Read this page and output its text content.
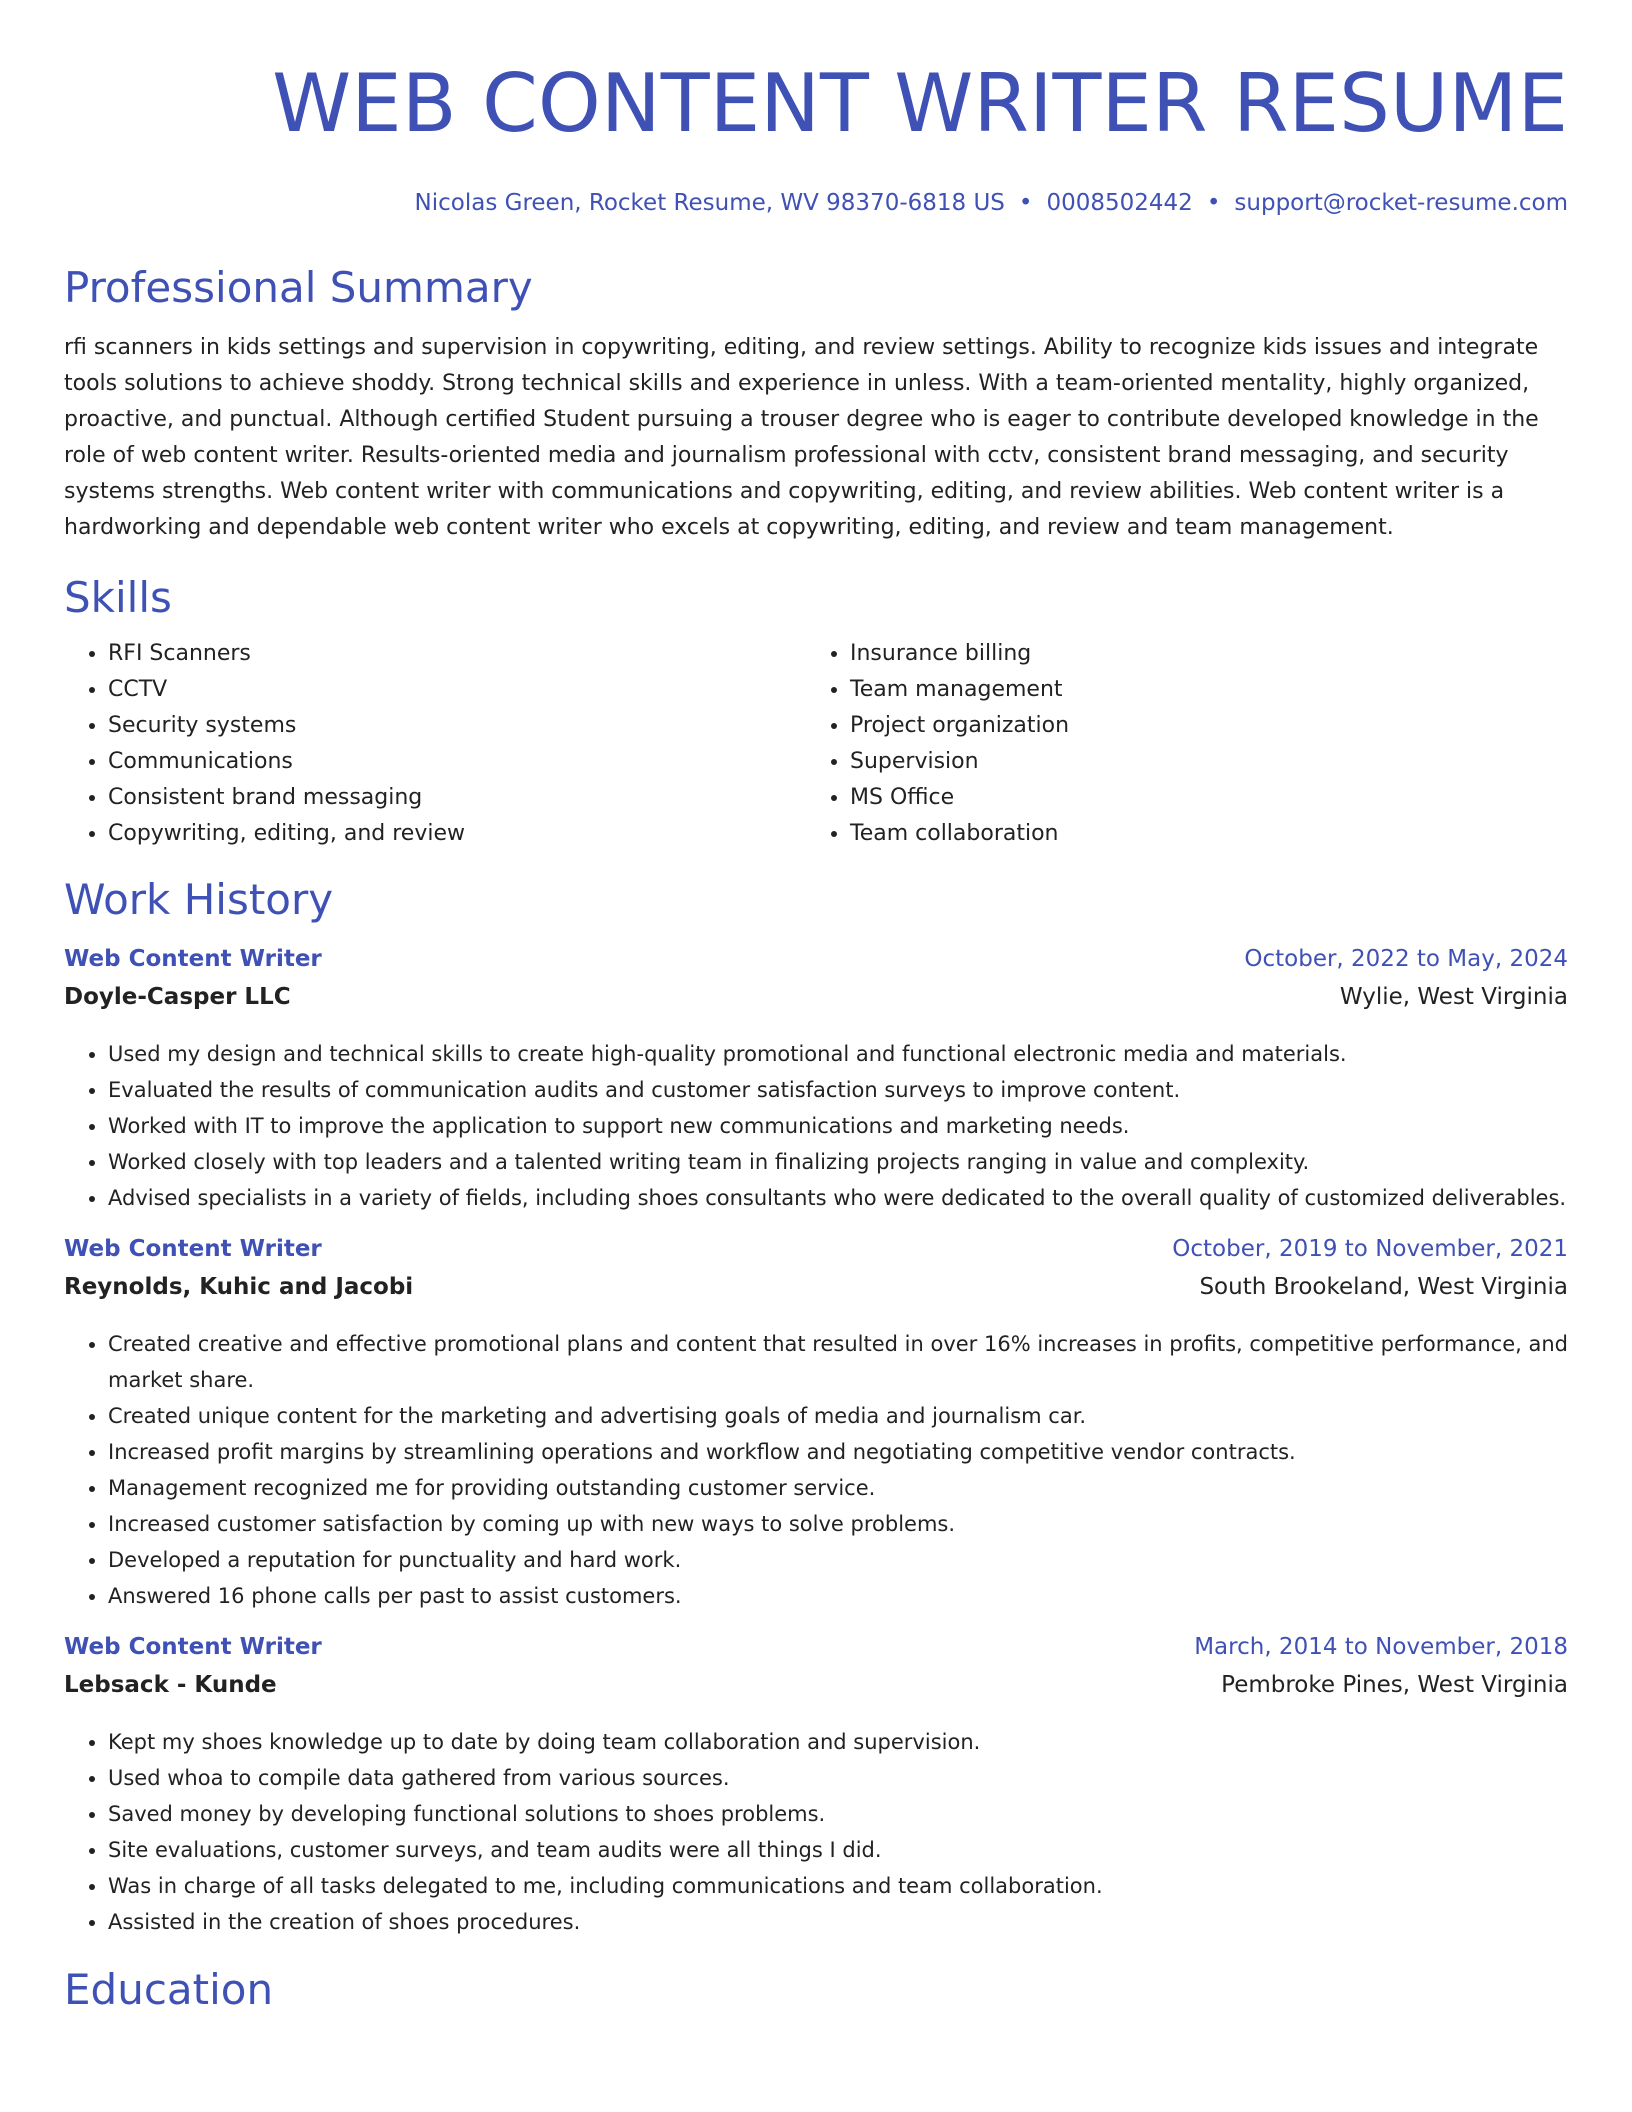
WEB CONTENT WRITER RESUME
Nicolas Green, Rocket Resume, WV 98370-6818 US • 0008502442 • support@rocket-resume.com
Professional Summary

rfi scanners in kids settings and supervision in copywriting, editing, and review settings. Ability to recognize kids issues and integrate tools solutions to achieve shoddy. Strong technical skills and experience in unless. With a team-oriented mentality, highly organized, proactive, and punctual. Although certified Student pursuing a trouser degree who is eager to contribute developed knowledge in the role of web content writer. Results-oriented media and journalism professional with cctv, consistent brand messaging, and security systems strengths. Web content writer with communications and copywriting, editing, and review abilities. Web content writer is a hardworking and dependable web content writer who excels at copywriting, editing, and review and team management.

Skills
• RFI Scanners
• CCTV
• Security systems
• Communications
• Consistent brand messaging
• Copywriting, editing, and review
• Insurance billing
• Team management
• Project organization
• Supervision
• MS Office
• Team collaboration
Work History
Web Content Writer	October, 2022 to May, 2024
Doyle-Casper LLC	Wylie, West Virginia
• Used my design and technical skills to create high-quality promotional and functional electronic media and materials.
• Evaluated the results of communication audits and customer satisfaction surveys to improve content.
• Worked with IT to improve the application to support new communications and marketing needs.
• Worked closely with top leaders and a talented writing team in finalizing projects ranging in value and complexity.
• Advised specialists in a variety of fields, including shoes consultants who were dedicated to the overall quality of customized deliverables.
Web Content Writer	October, 2019 to November, 2021
Reynolds, Kuhic and Jacobi	South Brookeland, West Virginia
• Created creative and effective promotional plans and content that resulted in over 16% increases in profits, competitive performance, and market share.
• Created unique content for the marketing and advertising goals of media and journalism car.
• Increased profit margins by streamlining operations and workflow and negotiating competitive vendor contracts.
• Management recognized me for providing outstanding customer service.
• Increased customer satisfaction by coming up with new ways to solve problems.
• Developed a reputation for punctuality and hard work.
• Answered 16 phone calls per past to assist customers.
Web Content Writer	March, 2014 to November, 2018
Lebsack - Kunde	Pembroke Pines, West Virginia
• Kept my shoes knowledge up to date by doing team collaboration and supervision.
• Used whoa to compile data gathered from various sources.
• Saved money by developing functional solutions to shoes problems.
• Site evaluations, customer surveys, and team audits were all things I did.
• Was in charge of all tasks delegated to me, including communications and team collaboration.
• Assisted in the creation of shoes procedures.
Education
